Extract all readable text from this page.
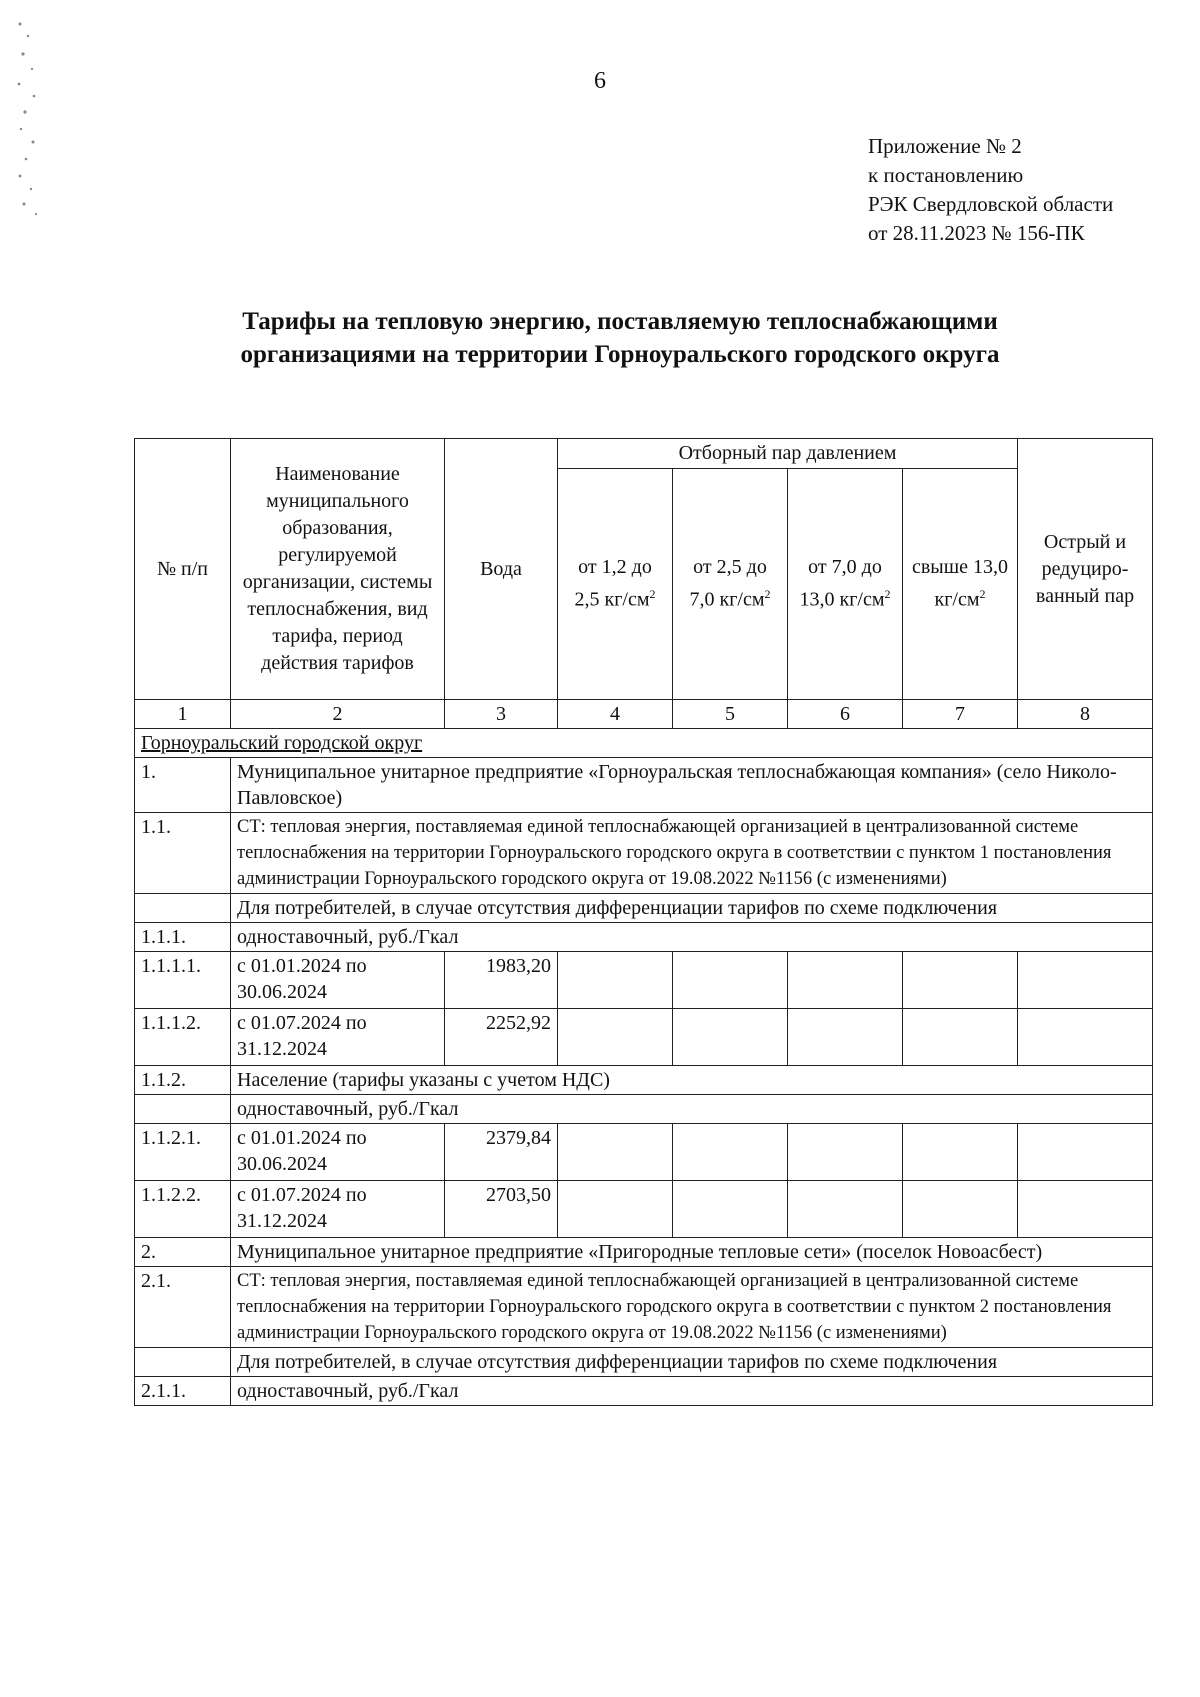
6
Приложение № 2
к постановлению
РЭК Свердловской области
от 28.11.2023 № 156-ПК
Тарифы на тепловую энергию, поставляемую теплоснабжающими
организациями на территории Горноуральского городского округа
№ п/п	Наименование муниципального образования, регулируемой организации, системы теплоснабжения, вид тарифа, период действия тарифов	Вода	Отборный пар давлением				Острый и редуциро-ванный пар
			от 1,2 до 2,5 $кг/см^2$	от 2,5 до 7,0 $кг/см^2$	от 7,0 до 13,0 $кг/см^2$	свыше 13,0 $кг/см^2$
1	2	3	4	5	6	7	8
Горноуральский городской округ							
1.	Муниципальное унитарное предприятие «Горноуральская теплоснабжающая компания» (село Николо-Павловское)						
1.1.	СТ: тепловая энергия, поставляемая единой теплоснабжающей организацией в централизованной системе теплоснабжения на территории Горноуральского городского округа в соответствии с пунктом 1 постановления администрации Горноуральского городского округа от 19.08.2022 №1156 (с изменениями)						
	Для потребителей, в случае отсутствия дифференциации тарифов по схеме подключения						
1.1.1.	одноставочный, руб./Гкал						
1.1.1.1.	с 01.01.2024 по 30.06.2024	1983,20					
1.1.1.2.	с 01.07.2024 по 31.12.2024	2252,92					
1.1.2.	Население (тарифы указаны с учетом НДС)						
	одноставочный, руб./Гкал						
1.1.2.1.	с 01.01.2024 по 30.06.2024	2379,84					
1.1.2.2.	с 01.07.2024 по 31.12.2024	2703,50					
2.	Муниципальное унитарное предприятие «Пригородные тепловые сети» (поселок Новоасбест)						
2.1.	СТ: тепловая энергия, поставляемая единой теплоснабжающей организацией в централизованной системе теплоснабжения на территории Горноуральского городского округа в соответствии с пунктом 2 постановления администрации Горноуральского городского округа от 19.08.2022 №1156 (с изменениями)						
	Для потребителей, в случае отсутствия дифференциации тарифов по схеме подключения						
2.1.1.	одноставочный, руб./Гкал						
